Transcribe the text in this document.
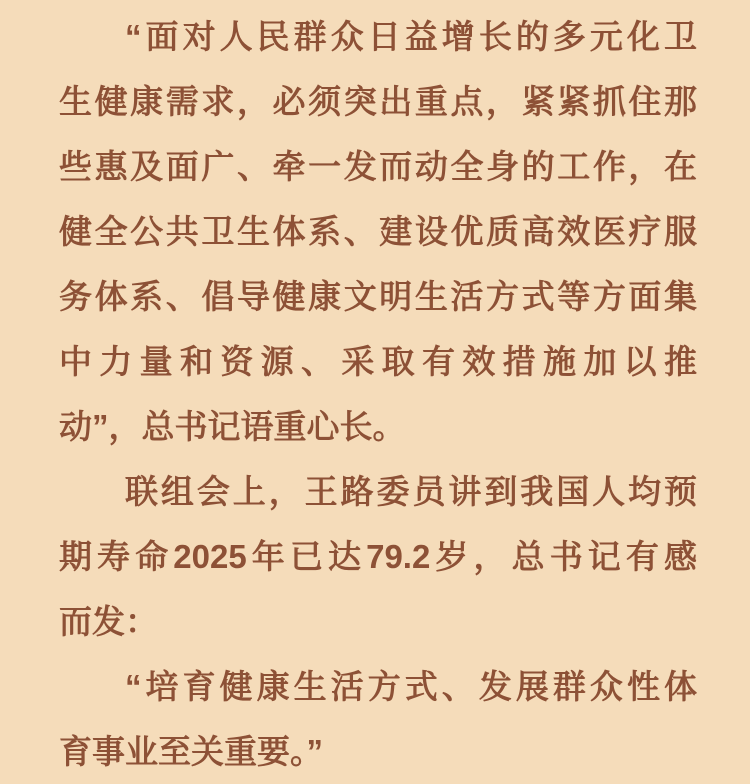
“面对人民群众日益增长的多元化卫

生健康需求，必须突出重点，紧紧抓住那

些惠及面广、牵一发而动全身的工作，在

健全公共卫生体系、建设优质高效医疗服

务体系、倡导健康文明生活方式等方面集

中力量和资源、采取有效措施加以推

动”，总书记语重心长。

联组会上，王路委员讲到我国人均预

期寿命2025年已达79.2岁，总书记有感

而发：

“培育健康生活方式、发展群众性体

育事业至关重要。”
